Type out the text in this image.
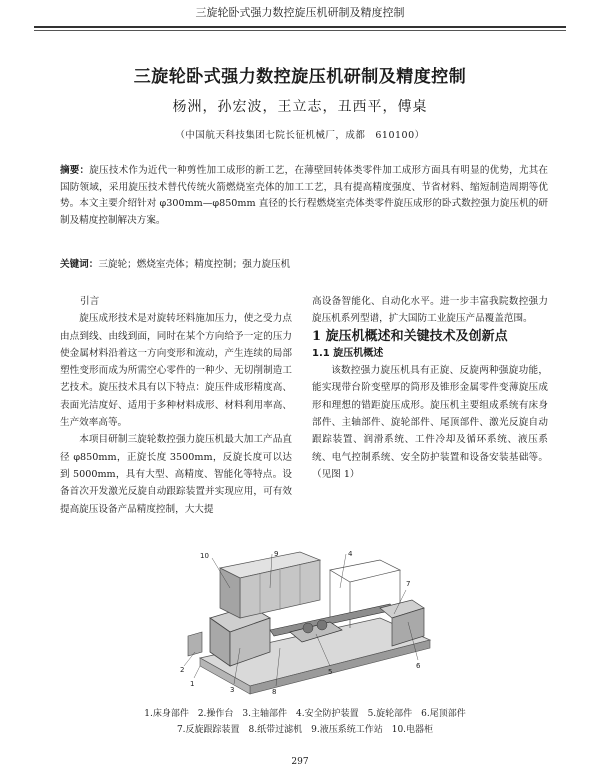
三旋轮卧式强力数控旋压机研制及精度控制
三旋轮卧式强力数控旋压机研制及精度控制
杨洲，孙宏波，王立志，丑西平，傅桌
（中国航天科技集团七院长征机械厂，成都　610100）
摘要：旋压技术作为近代一种剪性加工成形的新工艺，在薄壁回转体类零件加工成形方面具有明显的优势，尤其在国防领域，采用旋压技术替代传统火箭燃烧室壳体的加工工艺，具有提高精度强度、节省材料、缩短制造周期等优势。本文主要介绍针对 φ300mm—φ850mm 直径的长行程燃烧室壳体类零件旋压成形的卧式数控强力旋压机的研制及精度控制解决方案。
关键词：三旋轮；燃烧室壳体；精度控制；强力旋压机

引言

旋压成形技术是对旋转坯料施加压力，使之受力点由点到线、由线到面，同时在某个方向给予一定的压力使金属材料沿着这一方向变形和流动，产生连续的局部塑性变形而成为所需空心零件的一种少、无切削制造工艺技术。旋压技术具有以下特点：旋压件成形精度高、表面光洁度好、适用于多种材料成形、材料利用率高、生产效率高等。

本项目研制三旋轮数控强力旋压机最大加工产品直径 φ850mm，正旋长度 3500mm，反旋长度可以达到 5000mm，具有大型、高精度、智能化等特点。设备首次开发激光反旋自动跟踪装置并实现应用，可有效提高旋压设备产品精度控制，大大提

高设备智能化、自动化水平。进一步丰富我院数控强力旋压机系列型谱，扩大国防工业旋压产品覆盖范围。

1 旋压机概述和关键技术及创新点

1.1 旋压机概述

该数控强力旋压机具有正旋、反旋两种强旋功能，能实现带台阶变壁厚的筒形及锥形金属零件变薄旋压成形和理想的错距旋压成形。旋压机主要组成系统有床身部件、主轴部件、旋轮部件、尾顶部件、激光反旋自动跟踪装置、润滑系统、工件冷却及循环系统、液压系统、电气控制系统、安全防护装置和设备安装基础等。（见图 1）

1
2
3
4
5
6
7
8
9
10
1.床身部件　2.操作台　3.主轴部件　4.安全防护装置　5.旋轮部件　6.尾顶部件
7.反旋跟踪装置　8.纸带过滤机　9.液压系统工作站　10.电器柜
297
